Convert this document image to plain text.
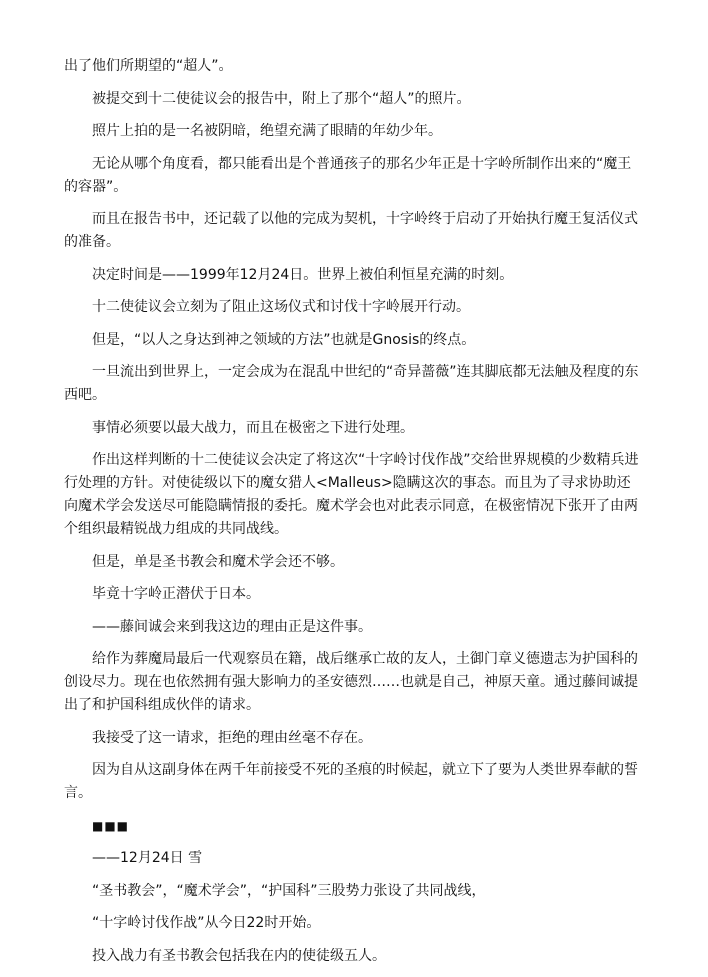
出了他们所期望的“超人”。

被提交到十二使徒议会的报告中，附上了那个“超人”的照片。

照片上拍的是一名被阴暗，绝望充满了眼睛的年幼少年。

无论从哪个角度看，都只能看出是个普通孩子的那名少年正是十字岭所制作出来的“魔王的容器”。

而且在报告书中，还记载了以他的完成为契机，十字岭终于启动了开始执行魔王复活仪式的准备。

决定时间是——1999年12月24日。世界上被伯利恒星充满的时刻。

十二使徒议会立刻为了阻止这场仪式和讨伐十字岭展开行动。

但是，“以人之身达到神之领域的方法”也就是Gnosis的终点。

一旦流出到世界上，一定会成为在混乱中世纪的“奇异蔷薇”连其脚底都无法触及程度的东西吧。

事情必须要以最大战力，而且在极密之下进行处理。

作出这样判断的十二使徒议会决定了将这次“十字岭讨伐作战”交给世界规模的少数精兵进行处理的方针。对使徒级以下的魔女猎人<Malleus>隐瞒这次的事态。而且为了寻求协助还向魔术学会发送尽可能隐瞒情报的委托。魔术学会也对此表示同意，在极密情况下张开了由两个组织最精锐战力组成的共同战线。

但是，单是圣书教会和魔术学会还不够。

毕竟十字岭正潜伏于日本。

——藤间诚会来到我这边的理由正是这件事。

给作为葬魔局最后一代观察员在籍，战后继承亡故的友人，土御门章义德遗志为护国科的创设尽力。现在也依然拥有强大影响力的圣安德烈……也就是自己，神原天童。通过藤间诚提出了和护国科组成伙伴的请求。

我接受了这一请求，拒绝的理由丝毫不存在。

因为自从这副身体在两千年前接受不死的圣痕的时候起，就立下了要为人类世界奉献的誓言。

■■■

——12月24日 雪

“圣书教会”，“魔术学会”，“护国科”三股势力张设了共同战线，

“十字岭讨伐作战”从今日22时开始。

投入战力有圣书教会包括我在内的使徒级五人。
